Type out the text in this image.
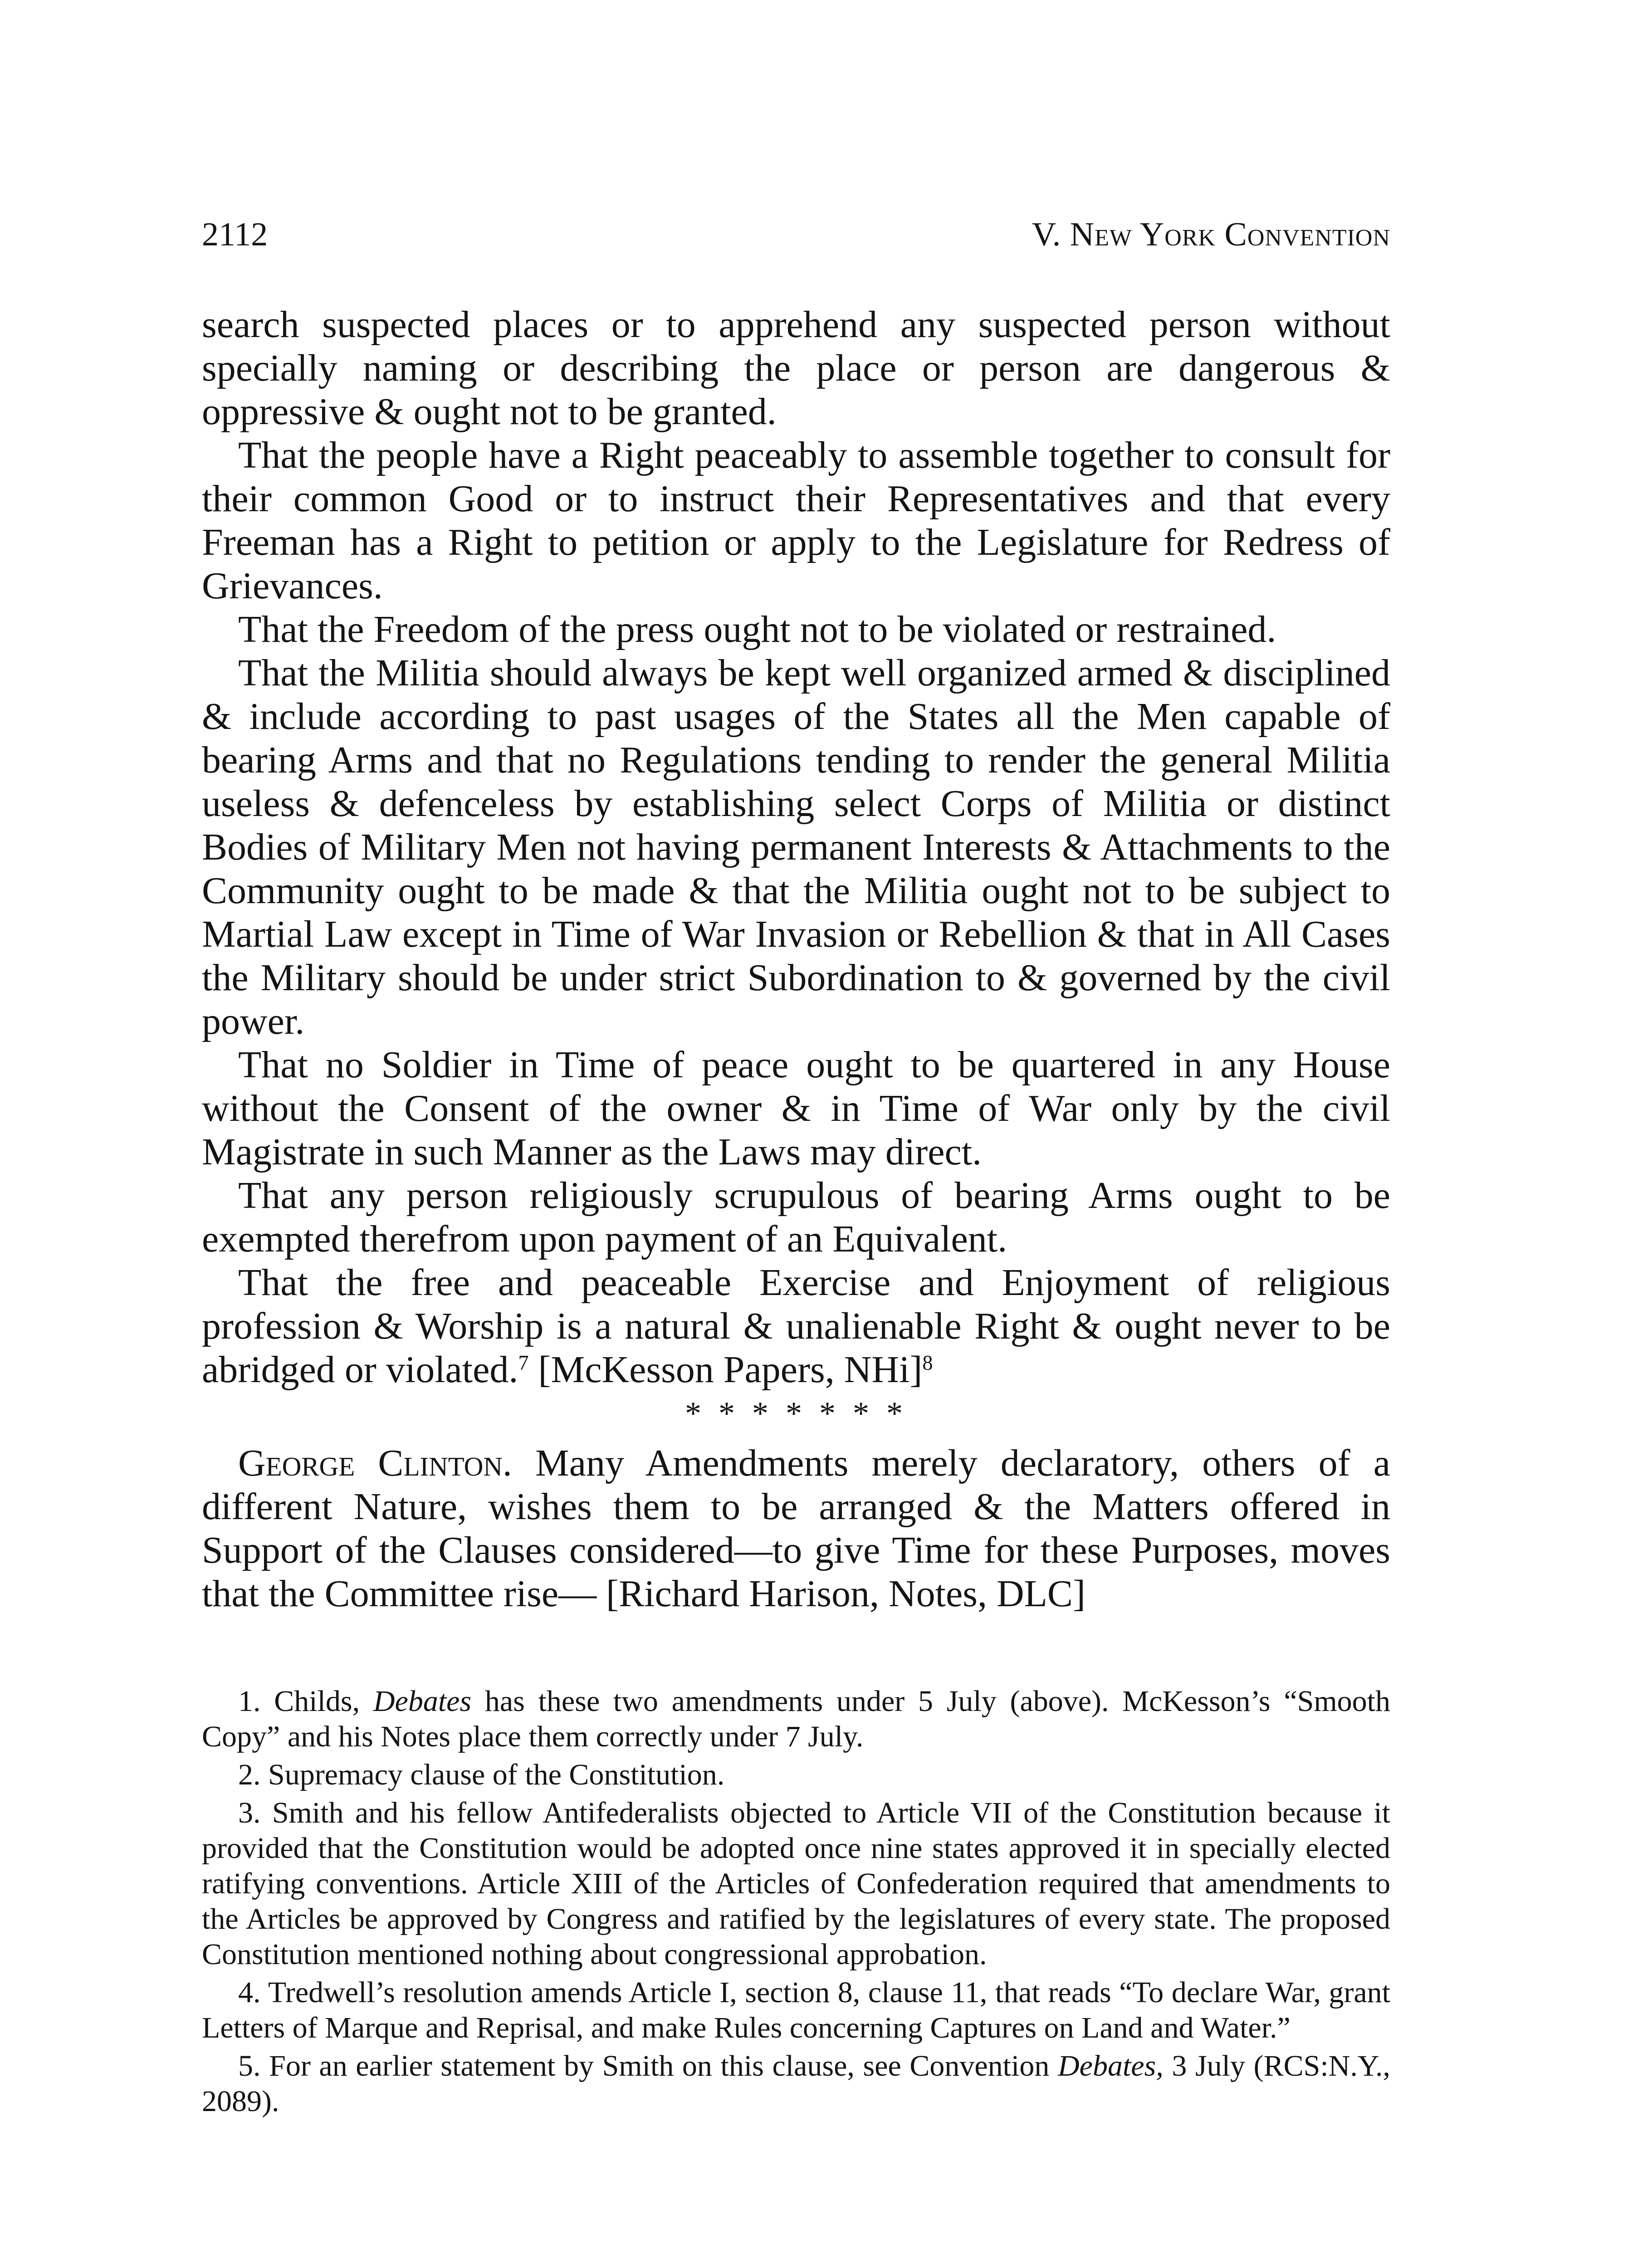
2112	V. New York Convention

search suspected places or to apprehend any suspected person without specially naming or describing the place or person are dangerous & oppressive & ought not to be granted.

That the people have a Right peaceably to assemble together to consult for their common Good or to instruct their Representatives and that every Freeman has a Right to petition or apply to the Legislature for Redress of Grievances.

That the Freedom of the press ought not to be violated or restrained.

That the Militia should always be kept well organized armed & disciplined & include according to past usages of the States all the Men capable of bearing Arms and that no Regulations tending to render the general Militia useless & defenceless by establishing select Corps of Militia or distinct Bodies of Military Men not having permanent Interests & Attachments to the Community ought to be made & that the Militia ought not to be subject to Martial Law except in Time of War Invasion or Rebellion & that in All Cases the Military should be under strict Subordination to & governed by the civil power.

That no Soldier in Time of peace ought to be quartered in any House without the Consent of the owner & in Time of War only by the civil Magistrate in such Manner as the Laws may direct.

That any person religiously scrupulous of bearing Arms ought to be exempted therefrom upon payment of an Equivalent.

That the free and peaceable Exercise and Enjoyment of religious profession & Worship is a natural & unalienable Right & ought never to be abridged or violated.$^7$ [McKesson Papers, NHi]$^8$

* * * * * * *

George Clinton. Many Amendments merely declaratory, others of a different Nature, wishes them to be arranged & the Matters offered in Support of the Clauses considered—to give Time for these Purposes, moves that the Committee rise— [Richard Harison, Notes, DLC]

1. Childs, Debates has these two amendments under 5 July (above). McKesson’s “Smooth Copy” and his Notes place them correctly under 7 July.

2. Supremacy clause of the Constitution.

3. Smith and his fellow Antifederalists objected to Article VII of the Constitution because it provided that the Constitution would be adopted once nine states approved it in specially elected ratifying conventions. Article XIII of the Articles of Confederation required that amendments to the Articles be approved by Congress and ratified by the legislatures of every state. The proposed Constitution mentioned nothing about congressional approbation.

4. Tredwell’s resolution amends Article I, section 8, clause 11, that reads “To declare War, grant Letters of Marque and Reprisal, and make Rules concerning Captures on Land and Water.”

5. For an earlier statement by Smith on this clause, see Convention Debates, 3 July (RCS:N.Y., 2089).
